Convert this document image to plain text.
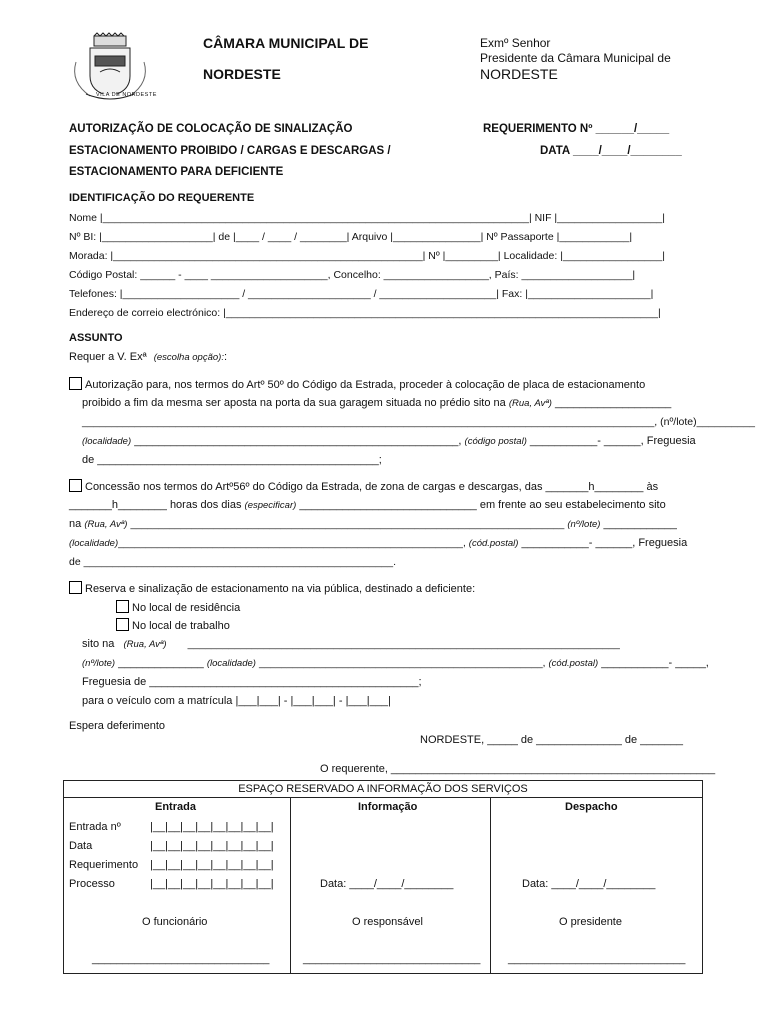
VILA DE NORDESTE
CÂMARA MUNICIPAL DE
NORDESTE
Exmº Senhor
Presidente da Câmara Municipal de
NORDESTE
AUTORIZAÇÃO DE COLOCAÇÃO DE SINALIZAÇÃO
ESTACIONAMENTO PROIBIDO / CARGAS E DESCARGAS /
ESTACIONAMENTO PARA DEFICIENTE
REQUERIMENTO Nº ______/_____
DATA ____/____/________
IDENTIFICAÇÃO DO REQUERENTE
Nome |_________________________________________________________________________| NIF |__________________|
Nº BI: |___________________| de |____ / ____ / ________| Arquivo |_______________| Nº Passaporte |____________|
Morada: |_____________________________________________________| Nº |_________| Localidade: |_________________|
Código Postal: ______ - ____ ____________________, Concelho: __________________, País: ___________________|
Telefones: |____________________ / _____________________ / ____________________| Fax: |_____________________|
Endereço de correio electrónico: |__________________________________________________________________________|
ASSUNTO
Requer a V. Exª (escolha opção)::
Autorização para, nos termos do Artº 50º do Código da Estrada, proceder à colocação de placa de estacionamento
proibido a fim da mesma ser aposta na porta da sua garagem situada no prédio sito na (Rua, Avª) ___________________
__________________________________________________________________________________________________, (nº/lote)__________
(localidade) _____________________________________________________, (código postal) ___________- ______, Freguesia
de ______________________________________________;
Concessão nos termos do Artº56º do Código da Estrada, de zona de cargas e descargas, das _______h________ às
_______h________ horas dos dias (especificar) _____________________________ em frente ao seu estabelecimento sito
na (Rua, Avª) ______________________________________________________________________________ (nº/lote) ____________
(localidade)______________________________________________________________, (cód.postal) ___________- ______, Freguesia
de _____________________________________________________.
Reserva e sinalização de estacionamento na via pública, destinado a deficiente:
No local de residência
No local de trabalho
sito na (Rua, Avª) __________________________________________________________________________
(nº/lote) ______________ (localidade) ___________________________________________________, (cód.postal) ___________- _____,
Freguesia de ____________________________________________;
para o veículo com a matrícula |___|___| - |___|___| - |___|___|
Espera deferimento
NORDESTE, _____ de ______________ de _______
O requerente, _____________________________________________________
ESPAÇO RESERVADO A INFORMAÇÃO DOS SERVIÇOS
Entrada	Informação	Despacho
Entrada nº	|__|__|__|__|__|__|__|__|
Data	|__|__|__|__|__|__|__|__|
Requerimento |__|__|__|__|__|__|__|__|
Processo	|__|__|__|__|__|__|__|__|	Data: ____/____/________	Data: ____/____/________
O funcionário	O responsável	O presidente
_____________________________	_____________________________	_____________________________
